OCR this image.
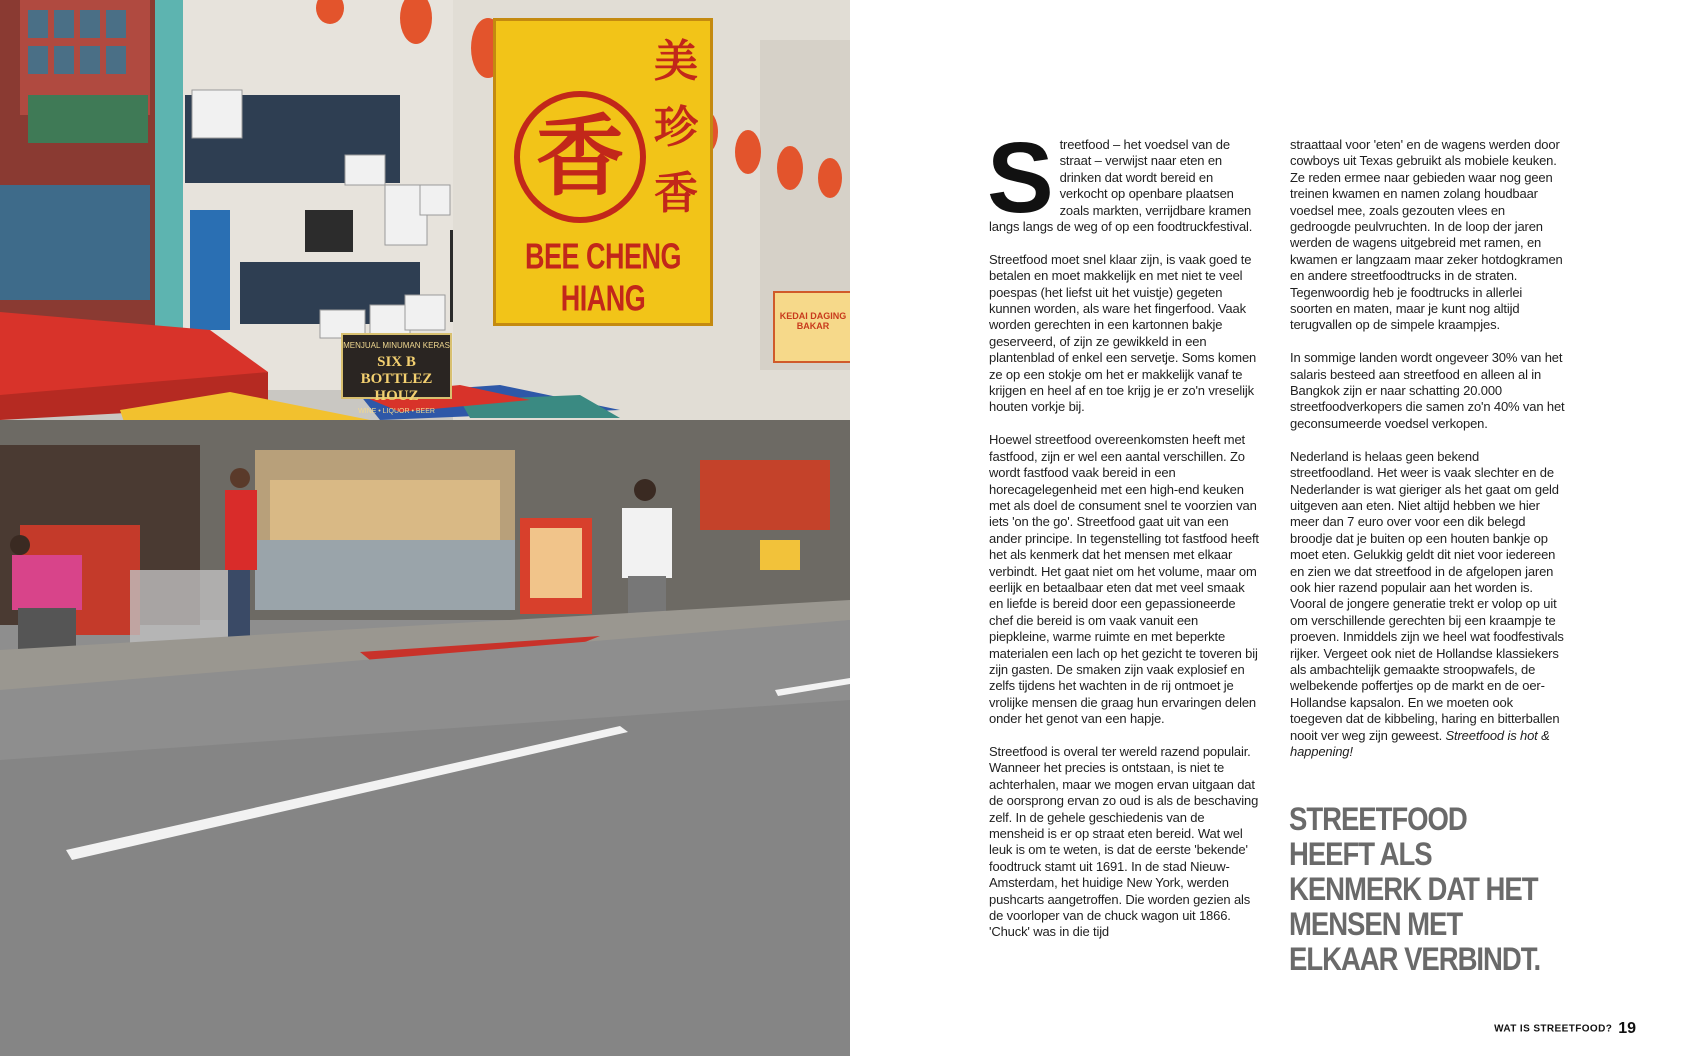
香
美
珍
香
BEE CHENG HIANG
MENJUAL MINUMAN KERAS
SIX B BOTTLEZ HOUZ
WINE • LIQUOR • BEER
KEDAI DAGING BAKAR

Streetfood – het voedsel van de straat – verwijst naar eten en drinken dat wordt bereid en verkocht op openbare plaatsen zoals markten, verrijdbare kramen langs langs de weg of op een foodtruckfestival.

Streetfood moet snel klaar zijn, is vaak goed te betalen en moet makkelijk en met niet te veel poespas (het liefst uit het vuistje) gegeten kunnen worden, als ware het fingerfood. Vaak worden gerechten in een kartonnen bakje geserveerd, of zijn ze gewikkeld in een plantenblad of enkel een servetje. Soms komen ze op een stokje om het er makkelijk vanaf te krijgen en heel af en toe krijg je er zo'n vreselijk houten vorkje bij.

Hoewel streetfood overeenkomsten heeft met fastfood, zijn er wel een aantal verschillen. Zo wordt fastfood vaak bereid in een horecagelegenheid met een high-end keuken met als doel de consument snel te voorzien van iets 'on the go'. Streetfood gaat uit van een ander principe. In tegenstelling tot fastfood heeft het als kenmerk dat het mensen met elkaar verbindt. Het gaat niet om het volume, maar om eerlijk en betaalbaar eten dat met veel smaak en liefde is bereid door een gepassioneerde chef die bereid is om vaak vanuit een piepkleine, warme ruimte en met beperkte materialen een lach op het gezicht te toveren bij zijn gasten. De smaken zijn vaak explosief en zelfs tijdens het wachten in de rij ontmoet je vrolijke mensen die graag hun ervaringen delen onder het genot van een hapje.

Streetfood is overal ter wereld razend populair. Wanneer het precies is ontstaan, is niet te achterhalen, maar we mogen ervan uitgaan dat de oorsprong ervan zo oud is als de beschaving zelf. In de gehele geschiedenis van de mensheid is er op straat eten bereid. Wat wel leuk is om te weten, is dat de eerste 'bekende' foodtruck stamt uit 1691. In de stad Nieuw-Amsterdam, het huidige New York, werden pushcarts aangetroffen. Die worden gezien als de voorloper van de chuck wagon uit 1866. 'Chuck' was in die tijd

straattaal voor 'eten' en de wagens werden door cowboys uit Texas gebruikt als mobiele keuken. Ze reden ermee naar gebieden waar nog geen treinen kwamen en namen zolang houdbaar voedsel mee, zoals gezouten vlees en gedroogde peulvruchten. In de loop der jaren werden de wagens uitgebreid met ramen, en kwamen er langzaam maar zeker hotdogkramen en andere streetfoodtrucks in de straten. Tegenwoordig heb je foodtrucks in allerlei soorten en maten, maar je kunt nog altijd terugvallen op de simpele kraampjes.

In sommige landen wordt ongeveer 30% van het salaris besteed aan streetfood en alleen al in Bangkok zijn er naar schatting 20.000 streetfoodverkopers die samen zo'n 40% van het geconsumeerde voedsel verkopen.

Nederland is helaas geen bekend streetfoodland. Het weer is vaak slechter en de Nederlander is wat gieriger als het gaat om geld uitgeven aan eten. Niet altijd hebben we hier meer dan 7 euro over voor een dik belegd broodje dat je buiten op een houten bankje op moet eten. Gelukkig geldt dit niet voor iedereen en zien we dat streetfood in de afgelopen jaren ook hier razend populair aan het worden is. Vooral de jongere generatie trekt er volop op uit om verschillende gerechten bij een kraampje te proeven. Inmiddels zijn we heel wat foodfestivals rijker. Vergeet ook niet de Hollandse klassiekers als ambachtelijk gemaakte stroopwafels, de welbekende poffertjes op de markt en de oer-Hollandse kapsalon. En we moeten ook toegeven dat de kibbeling, haring en bitterballen nooit ver weg zijn geweest. Streetfood is hot & happening!

STREETFOOD HEEFT ALS KENMERK DAT HET MENSEN MET ELKAAR VERBINDT.
WAT IS STREETFOOD? 19
